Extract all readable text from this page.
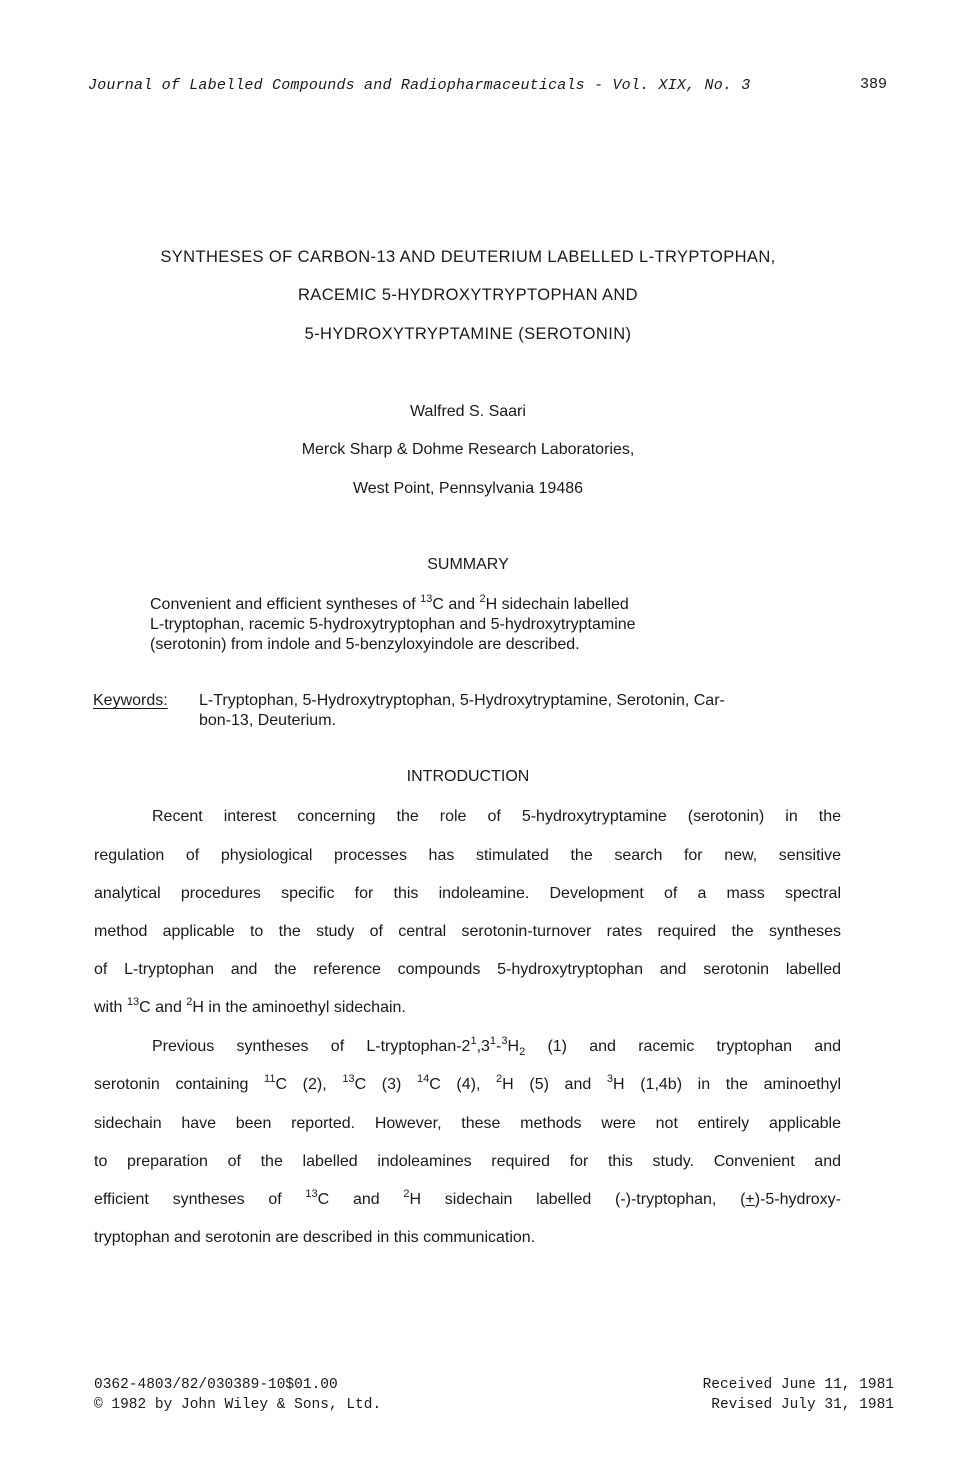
Journal of Labelled Compounds and Radiopharmaceuticals - Vol. XIX, No. 3	389
SYNTHESES OF CARBON-13 AND DEUTERIUM LABELLED L-TRYPTOPHAN,
RACEMIC 5-HYDROXYTRYPTOPHAN AND
5-HYDROXYTRYPTAMINE (SEROTONIN)
Walfred S. Saari
Merck Sharp & Dohme Research Laboratories,
West Point, Pennsylvania 19486
SUMMARY
Convenient and efficient syntheses of $^{13}$C and $^2$H sidechain labelled
L-tryptophan, racemic 5-hydroxytryptophan and 5-hydroxytryptamine
(serotonin) from indole and 5-benzyloxyindole are described.
Keywords: L-Tryptophan, 5-Hydroxytryptophan, 5-Hydroxytryptamine, Serotonin, Car-
bon-13, Deuterium.
INTRODUCTION
Recent interest concerning the role of 5-hydroxytryptamine (serotonin) in the
regulation of physiological processes has stimulated the search for new, sensitive
analytical procedures specific for this indoleamine. Development of a mass spectral
method applicable to the study of central serotonin-turnover rates required the syntheses
of L-tryptophan and the reference compounds 5-hydroxytryptophan and serotonin labelled
with $^{13}$C and $^2$H in the aminoethyl sidechain.
Previous syntheses of $L-tryptophan-2^1,3^1-^3H_2$ (1) and racemic tryptophan and
serotonin containing $^{11}$C (2), $^{13}$C (3) $^{14}$C (4), $^2$H (5) and $^3$H (1,4b) in the aminoethyl
sidechain have been reported. However, these methods were not entirely applicable
to preparation of the labelled indoleamines required for this study. Convenient and
efficient syntheses of $^{13}$C and $^2$H sidechain labelled (-)-tryptophan, (+)-5-hydroxy-
tryptophan and serotonin are described in this communication.
0362-4803/82/030389-10$01.00
© 1982 by John Wiley & Sons, Ltd.
Received June 11, 1981
Revised July 31, 1981
